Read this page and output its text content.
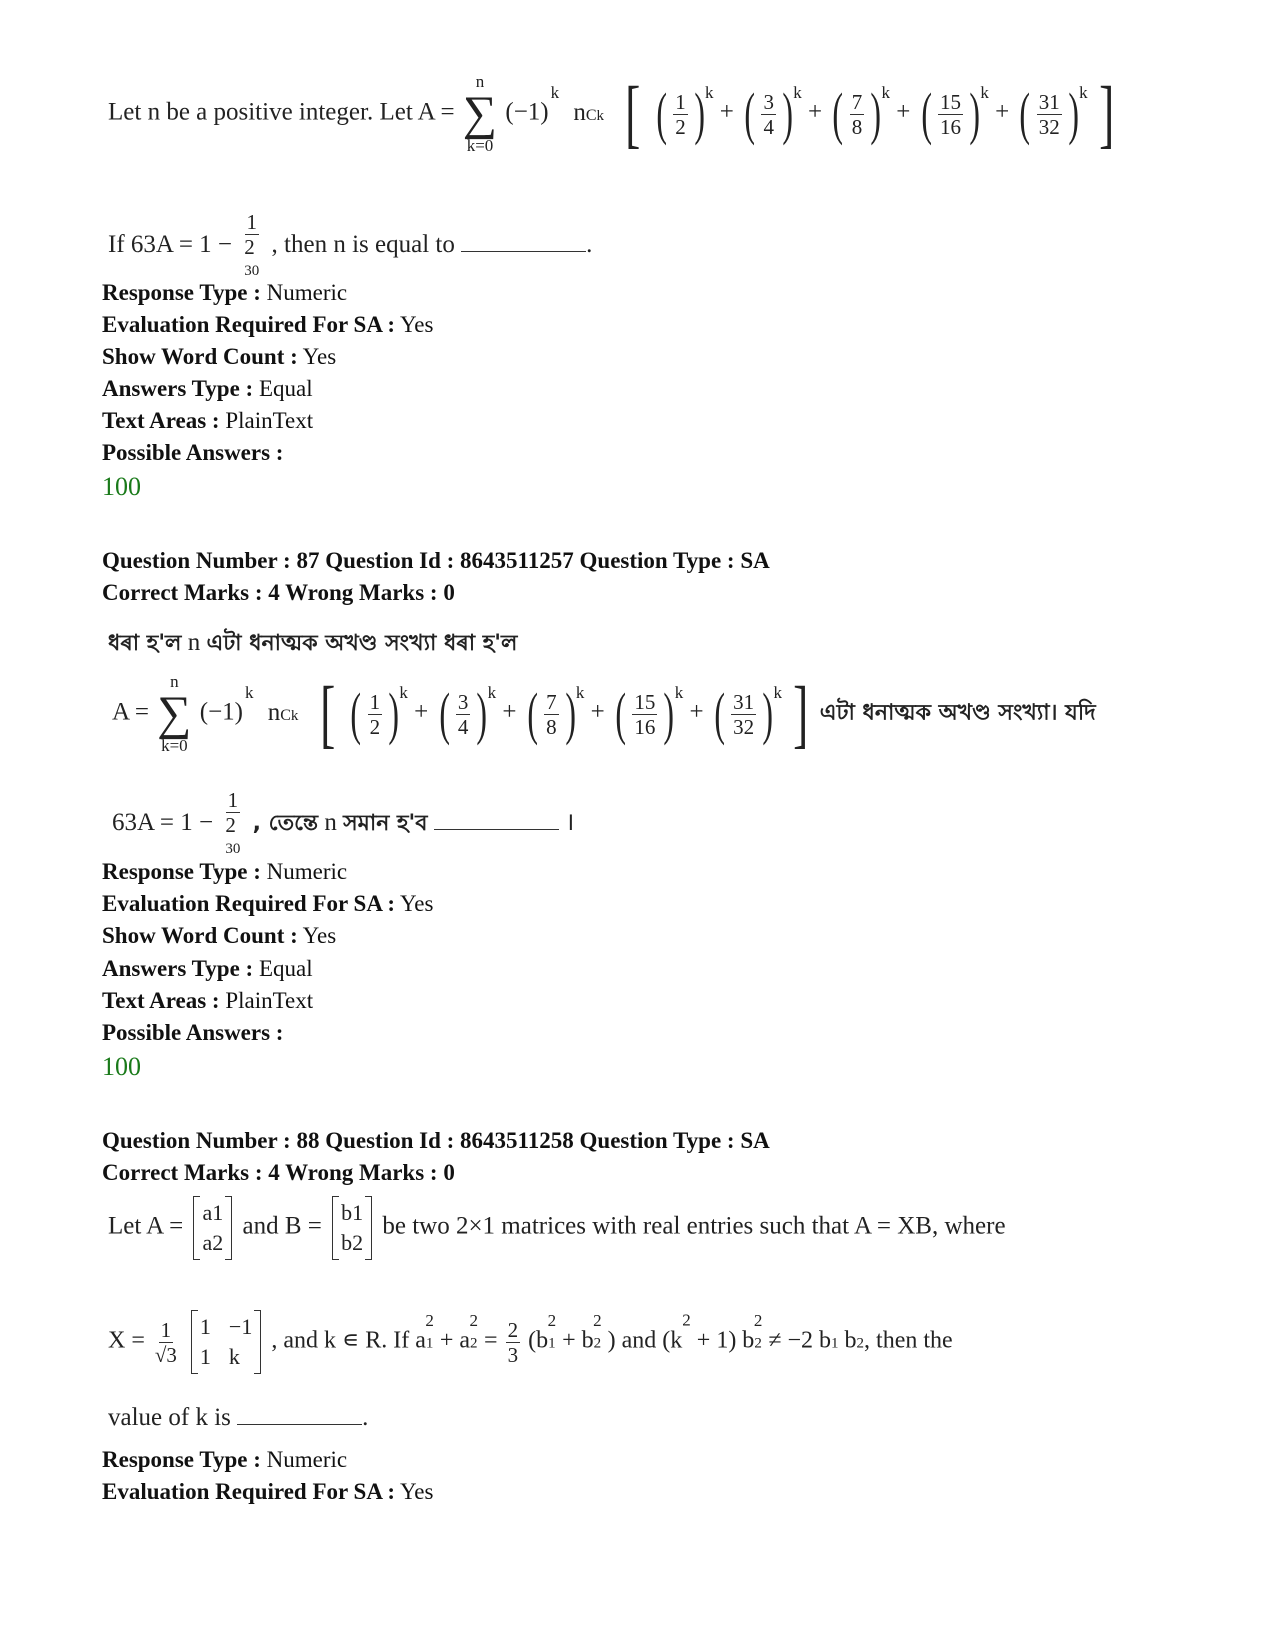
Let n be a positive integer. Let A =
n
∑
k=0
$(-1)^k$ nCk [ ( $\frac{1}{2} )^k$ + ( $\frac{3}{4} )^k$ + ( $\frac{7}{8} )^k$ + ( $\frac{15}{16} )^k$ + ( $\frac{31}{32} )^k$ ]
If 63A = 1 − 1
2
30 , then n is equal to	.
Response Type : Numeric
Evaluation Required For SA : Yes
Show Word Count : Yes
Answers Type : Equal
Text Areas : PlainText
Possible Answers :
100
Question Number : 87 Question Id : 8643511257 Question Type : SA
Correct Marks : 4 Wrong Marks : 0
ধৰা হ'ল n এটা ধনাত্মক অখণ্ড সংখ্যা ধৰা হ'ল
A =
n
∑
k=0
$(-1)^k$ nCk [ ( $\frac{1}{2} )^k$ + ( $\frac{3}{4} )^k$ + ( $\frac{7}{8} )^k$ + ( $\frac{15}{16} )^k$ + ( $\frac{31}{32} )^k$ ] এটা ধনাত্মক অখণ্ড সংখ্যা। যদি
63A = 1 − 1
2
30 , তেন্তে n সমান হ'ব	।
Response Type : Numeric
Evaluation Required For SA : Yes
Show Word Count : Yes
Answers Type : Equal
Text Areas : PlainText
Possible Answers :
100
Question Number : 88 Question Id : 8643511258 Question Type : SA
Correct Marks : 4 Wrong Marks : 0
Let A =
a1
a2
and B =
b1
b2
be two 2×1 matrices with real entries such that A = XB, where
$X = \frac{1}{√3}$
1 −1
1 k
, and k ∊ R. If $a1^2 + a2^2 = \frac{2}{3} (b1^2 + b2^2$ ) and $(k^2 + 1) b2^2 \ne -2$ b1 b2, then the
value of k is	.
Response Type : Numeric
Evaluation Required For SA : Yes
